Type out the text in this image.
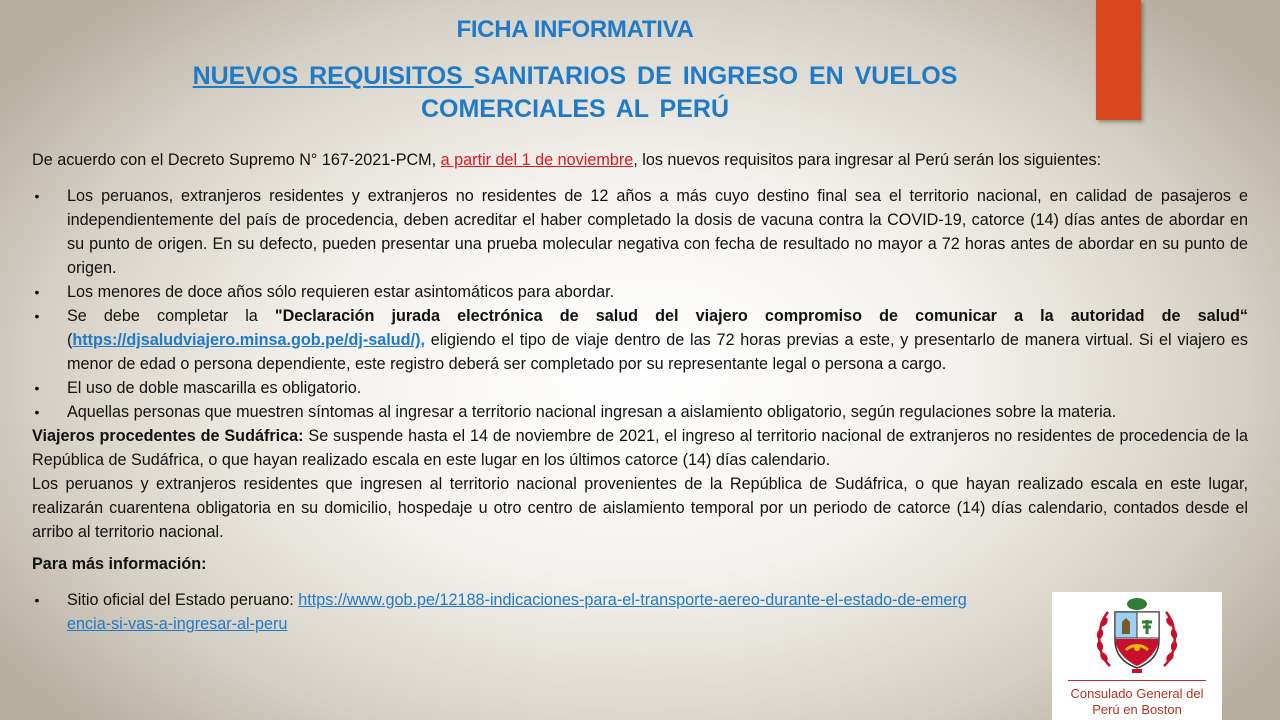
FICHA INFORMATIVA
NUEVOS REQUISITOS SANITARIOS DE INGRESO EN VUELOS
COMERCIALES AL PERÚ

De acuerdo con el Decreto Supremo N° 167-2021-PCM, a partir del 1 de noviembre, los nuevos requisitos para ingresar al Perú serán los siguientes:

• Los peruanos, extranjeros residentes y extranjeros no residentes de 12 años a más cuyo destino final sea el territorio nacional, en calidad de pasajeros e independientemente del país de procedencia, deben acreditar el haber completado la dosis de vacuna contra la COVID-19, catorce (14) días antes de abordar en su punto de origen. En su defecto, pueden presentar una prueba molecular negativa con fecha de resultado no mayor a 72 horas antes de abordar en su punto de origen.
• Los menores de doce años sólo requieren estar asintomáticos para abordar.
• Se debe completar la "Declaración jurada electrónica de salud del viajero compromiso de comunicar a la autoridad de salud“ (https://djsaludviajero.minsa.gob.pe/dj-salud/), eligiendo el tipo de viaje dentro de las 72 horas previas a este, y presentarlo de manera virtual. Si el viajero es menor de edad o persona dependiente, este registro deberá ser completado por su representante legal o persona a cargo.
• El uso de doble mascarilla es obligatorio.
• Aquellas personas que muestren síntomas al ingresar a territorio nacional ingresan a aislamiento obligatorio, según regulaciones sobre la materia.

Viajeros procedentes de Sudáfrica: Se suspende hasta el 14 de noviembre de 2021, el ingreso al territorio nacional de extranjeros no residentes de procedencia de la República de Sudáfrica, o que hayan realizado escala en este lugar en los últimos catorce (14) días calendario.

Los peruanos y extranjeros residentes que ingresen al territorio nacional provenientes de la República de Sudáfrica, o que hayan realizado escala en este lugar, realizarán cuarentena obligatoria en su domicilio, hospedaje u otro centro de aislamiento temporal por un periodo de catorce (14) días calendario, contados desde el arribo al territorio nacional.

Para más información:

• Sitio oficial del Estado peruano: https://www.gob.pe/12188-indicaciones-para-el-transporte-aereo-durante-el-estado-de-emergencia-si-vas-a-ingresar-al-peru
Consulado General del
Perú en Boston
